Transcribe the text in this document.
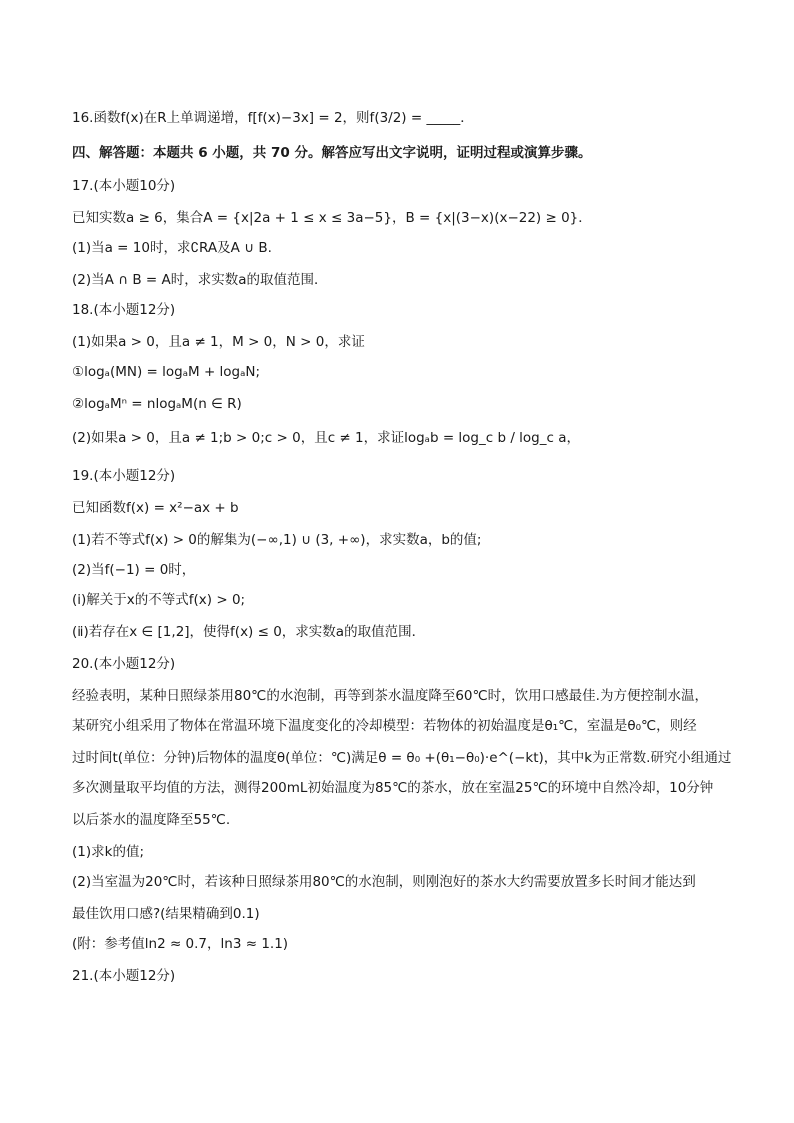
16.函数f(x)在R上单调递增，f[f(x)−3x] = 2，则f(3/2) = _____．
四、解答题：本题共 6 小题，共 70 分。解答应写出文字说明，证明过程或演算步骤。
17.(本小题10分)
已知实数a ≥ 6，集合A = {x|2a + 1 ≤ x ≤ 3a−5}，B = {x|(3−x)(x−22) ≥ 0}．
(1)当a = 10时，求∁RA及A ∪ B.
(2)当A ∩ B = A时，求实数a的取值范围．
18.(本小题12分)
(1)如果a > 0，且a ≠ 1，M > 0，N > 0，求证
①logₐ(MN) = logₐM + logₐN;
②logₐMⁿ = nlogₐM(n ∈ R)
(2)如果a > 0，且a ≠ 1;b > 0;c > 0，且c ≠ 1，求证logₐb = log_c b / log_c a，
19.(本小题12分)
已知函数f(x) = x²−ax + b
(1)若不等式f(x) > 0的解集为(−∞,1) ∪ (3, +∞)，求实数a，b的值;
(2)当f(−1) = 0时，
(ⅰ)解关于x的不等式f(x) > 0;
(ⅱ)若存在x ∈ [1,2]，使得f(x) ≤ 0，求实数a的取值范围．
20.(本小题12分)
经验表明，某种日照绿茶用80℃的水泡制，再等到茶水温度降至60℃时，饮用口感最佳.为方便控制水温，
某研究小组采用了物体在常温环境下温度变化的冷却模型：若物体的初始温度是θ₁℃，室温是θ₀℃，则经
过时间t(单位：分钟)后物体的温度θ(单位：℃)满足θ = θ₀ +(θ₁−θ₀)·e^(−kt)，其中k为正常数.研究小组通过
多次测量取平均值的方法，测得200mL初始温度为85℃的茶水，放在室温25℃的环境中自然冷却，10分钟
以后茶水的温度降至55℃.
(1)求k的值;
(2)当室温为20℃时，若该种日照绿茶用80℃的水泡制，则刚泡好的茶水大约需要放置多长时间才能达到
最佳饮用口感?(结果精确到0.1)
(附：参考值ln2 ≈ 0.7，ln3 ≈ 1.1)
21.(本小题12分)
